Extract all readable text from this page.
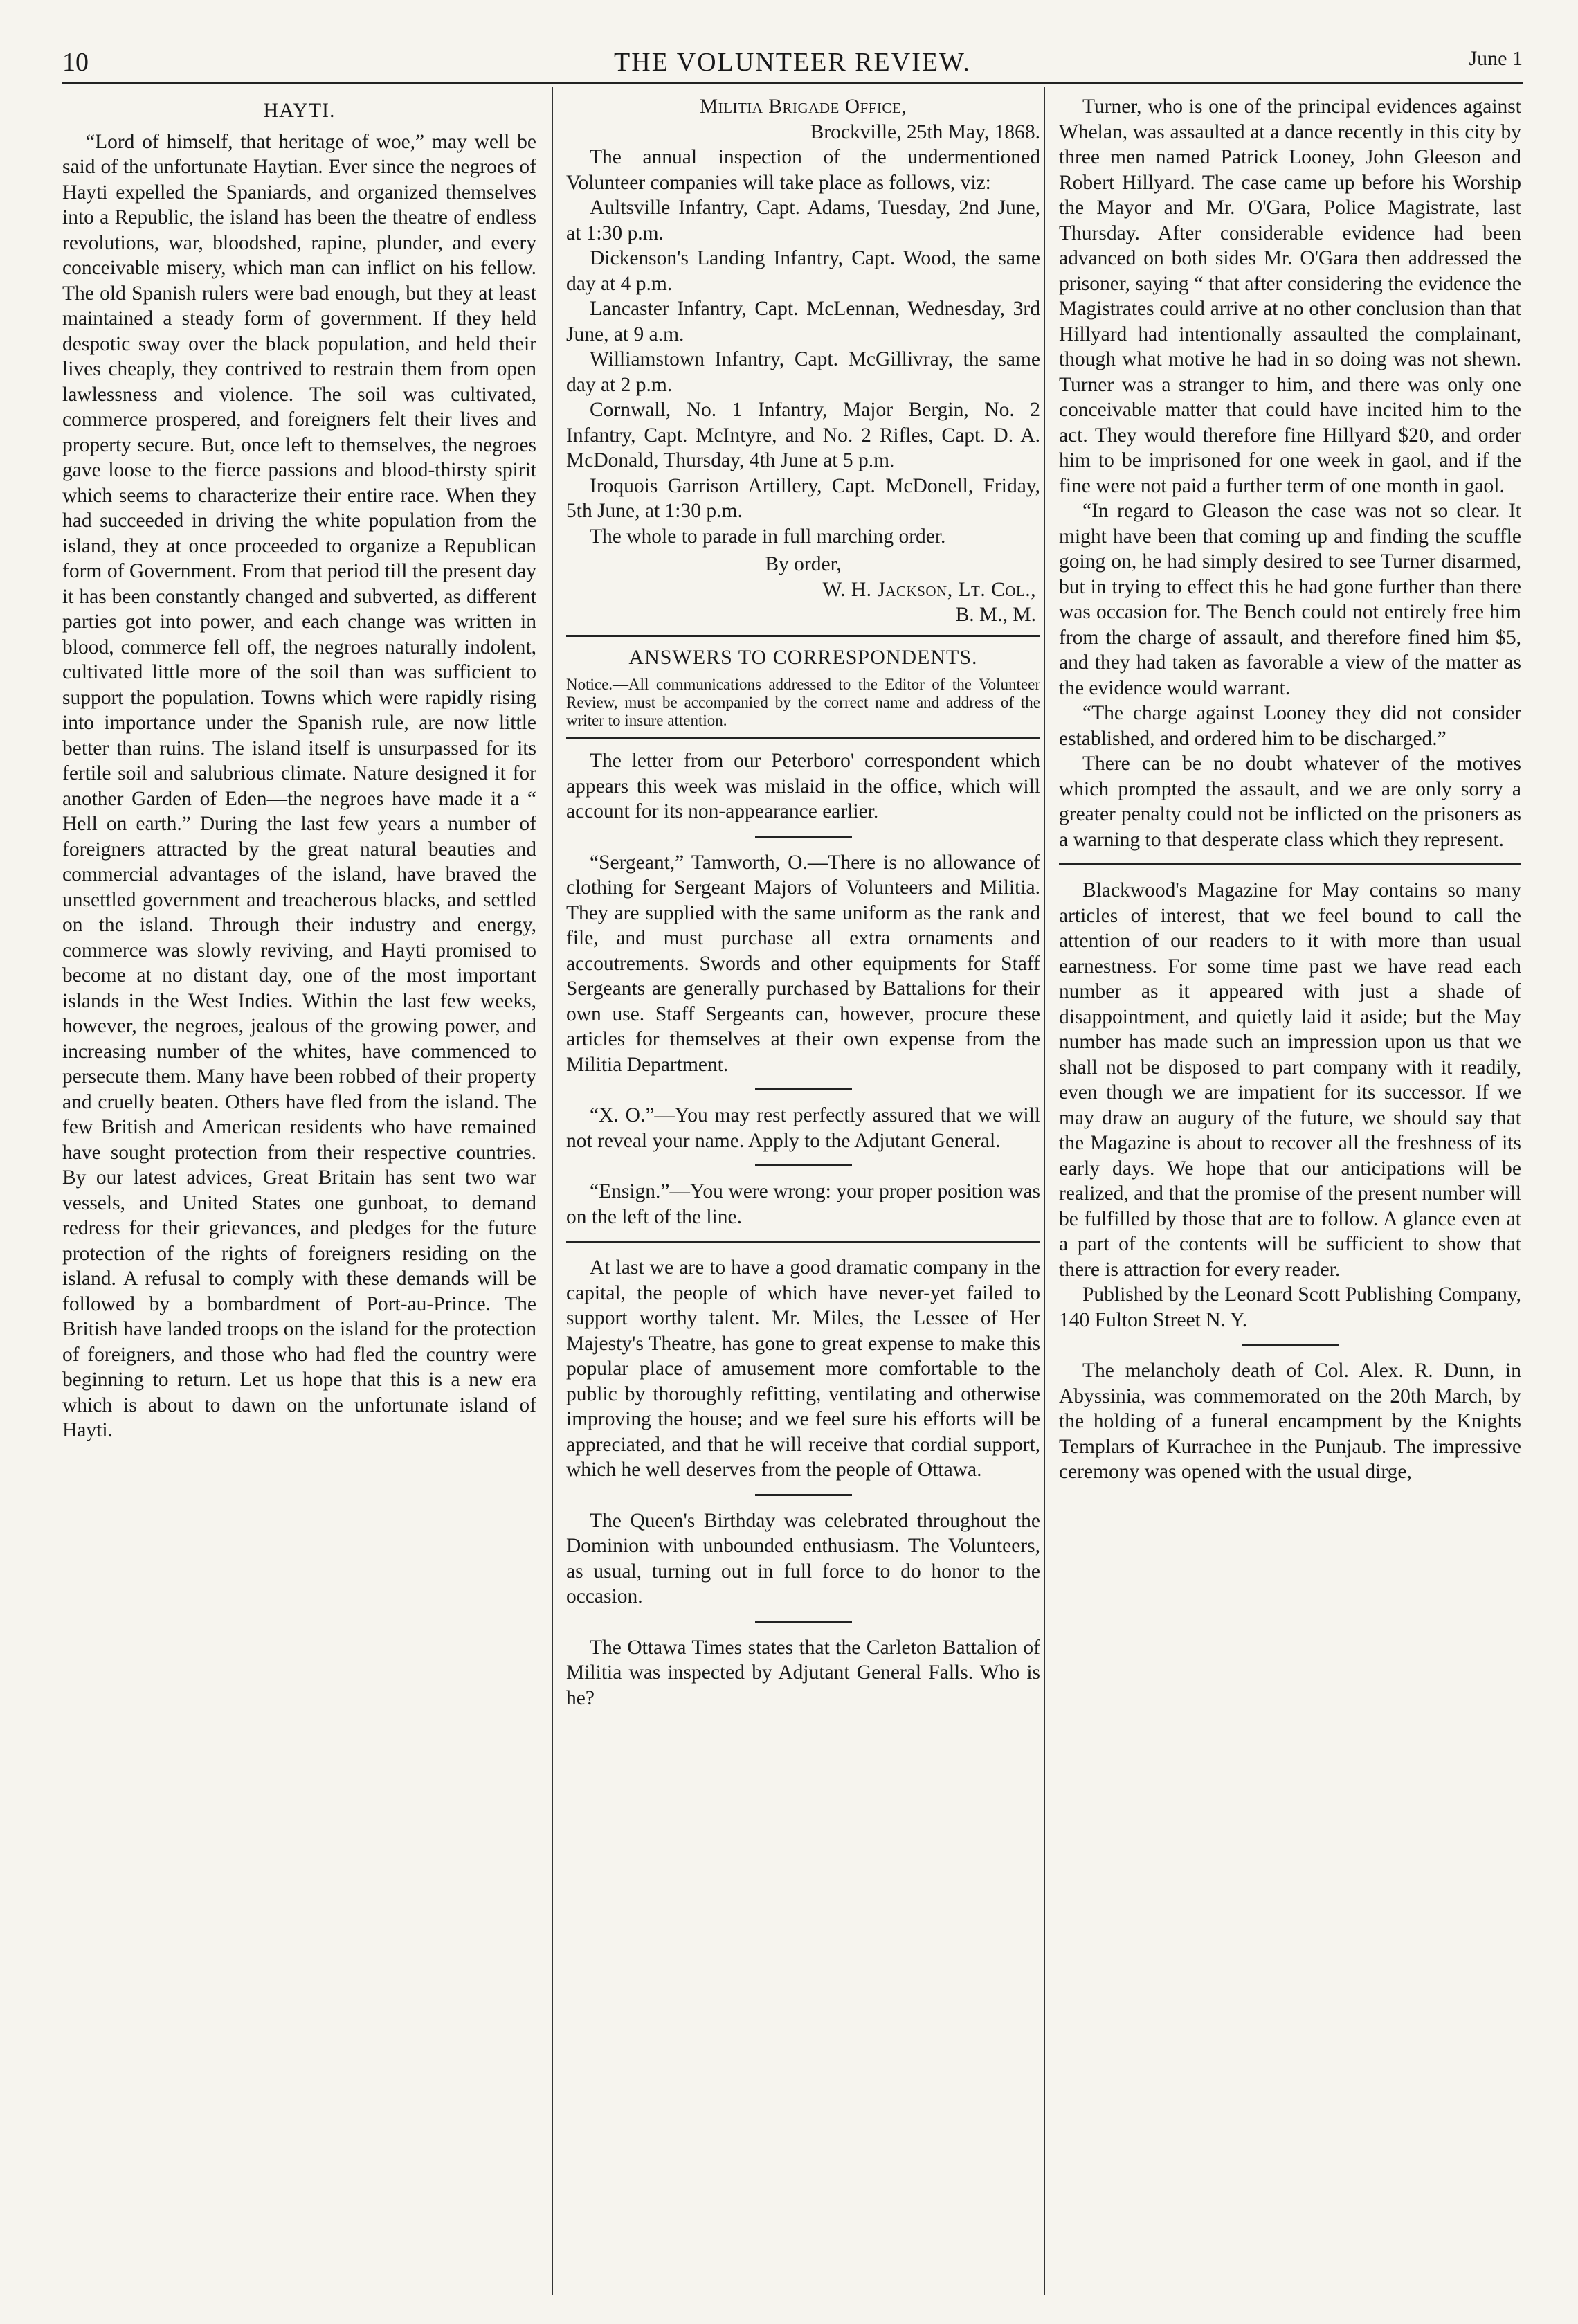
10	THE VOLUNTEER REVIEW.	June 1
HAYTI.

“Lord of himself, that heritage of woe,” may well be said of the unfortunate Haytian. Ever since the negroes of Hayti expelled the Spaniards, and organized themselves into a Republic, the island has been the theatre of endless revolutions, war, bloodshed, rapine, plunder, and every conceivable misery, which man can inflict on his fellow. The old Spanish rulers were bad enough, but they at least maintained a steady form of government. If they held despotic sway over the black population, and held their lives cheaply, they contrived to restrain them from open lawlessness and violence. The soil was cultivated, commerce prospered, and foreigners felt their lives and property secure. But, once left to themselves, the negroes gave loose to the fierce passions and blood-thirsty spirit which seems to characterize their entire race. When they had succeeded in driving the white population from the island, they at once proceeded to organize a Republican form of Government. From that period till the present day it has been constantly changed and subverted, as different parties got into power, and each change was written in blood, commerce fell off, the negroes naturally indolent, cultivated little more of the soil than was sufficient to support the population. Towns which were rapidly rising into importance under the Spanish rule, are now little better than ruins. The island itself is unsurpassed for its fertile soil and salubrious climate. Nature designed it for another Garden of Eden—the negroes have made it a “ Hell on earth.” During the last few years a number of foreigners attracted by the great natural beauties and commercial advantages of the island, have braved the unsettled government and treacherous blacks, and settled on the island. Through their industry and energy, commerce was slowly reviving, and Hayti promised to become at no distant day, one of the most important islands in the West Indies. Within the last few weeks, however, the negroes, jealous of the growing power, and increasing number of the whites, have commenced to persecute them. Many have been robbed of their property and cruelly beaten. Others have fled from the island. The few British and American residents who have remained have sought protection from their respective countries. By our latest advices, Great Britain has sent two war vessels, and United States one gunboat, to demand redress for their grievances, and pledges for the future protection of the rights of foreigners residing on the island. A refusal to comply with these demands will be followed by a bombardment of Port-au-Prince. The British have landed troops on the island for the protection of foreigners, and those who had fled the country were beginning to return. Let us hope that this is a new era which is about to dawn on the unfortunate island of Hayti.

Militia Brigade Office,
Brockville, 25th May, 1868.

The annual inspection of the undermentioned Volunteer companies will take place as follows, viz:

Aultsville Infantry, Capt. Adams, Tuesday, 2nd June, at 1:30 p.m.

Dickenson's Landing Infantry, Capt. Wood, the same day at 4 p.m.

Lancaster Infantry, Capt. McLennan, Wednesday, 3rd June, at 9 a.m.

Williamstown Infantry, Capt. McGillivray, the same day at 2 p.m.

Cornwall, No. 1 Infantry, Major Bergin, No. 2 Infantry, Capt. McIntyre, and No. 2 Rifles, Capt. D. A. McDonald, Thursday, 4th June at 5 p.m.

Iroquois Garrison Artillery, Capt. McDonell, Friday, 5th June, at 1:30 p.m.

The whole to parade in full marching order.

By order,
W. H. Jackson, Lt. Col.,
B. M., M.
ANSWERS TO CORRESPONDENTS.
Notice.—All communications addressed to the Editor of the Volunteer Review, must be accompanied by the correct name and address of the writer to insure attention.

The letter from our Peterboro' correspondent which appears this week was mislaid in the office, which will account for its non-appearance earlier.

“Sergeant,” Tamworth, O.—There is no allowance of clothing for Sergeant Majors of Volunteers and Militia. They are supplied with the same uniform as the rank and file, and must purchase all extra ornaments and accoutrements. Swords and other equipments for Staff Sergeants are generally purchased by Battalions for their own use. Staff Sergeants can, however, procure these articles for themselves at their own expense from the Militia Department.

“X. O.”—You may rest perfectly assured that we will not reveal your name. Apply to the Adjutant General.

“Ensign.”—You were wrong: your proper position was on the left of the line.

At last we are to have a good dramatic company in the capital, the people of which have never-yet failed to support worthy talent. Mr. Miles, the Lessee of Her Majesty's Theatre, has gone to great expense to make this popular place of amusement more comfortable to the public by thoroughly refitting, ventilating and otherwise improving the house; and we feel sure his efforts will be appreciated, and that he will receive that cordial support, which he well deserves from the people of Ottawa.

The Queen's Birthday was celebrated throughout the Dominion with unbounded enthusiasm. The Volunteers, as usual, turning out in full force to do honor to the occasion.

The Ottawa Times states that the Carleton Battalion of Militia was inspected by Adjutant General Falls. Who is he?

Turner, who is one of the principal evidences against Whelan, was assaulted at a dance recently in this city by three men named Patrick Looney, John Gleeson and Robert Hillyard. The case came up before his Worship the Mayor and Mr. O'Gara, Police Magistrate, last Thursday. After considerable evidence had been advanced on both sides Mr. O'Gara then addressed the prisoner, saying “ that after considering the evidence the Magistrates could arrive at no other conclusion than that Hillyard had intentionally assaulted the complainant, though what motive he had in so doing was not shewn. Turner was a stranger to him, and there was only one conceivable matter that could have incited him to the act. They would therefore fine Hillyard $20, and order him to be imprisoned for one week in gaol, and if the fine were not paid a further term of one month in gaol.

“In regard to Gleason the case was not so clear. It might have been that coming up and finding the scuffle going on, he had simply desired to see Turner disarmed, but in trying to effect this he had gone further than there was occasion for. The Bench could not entirely free him from the charge of assault, and therefore fined him $5, and they had taken as favorable a view of the matter as the evidence would warrant.

“The charge against Looney they did not consider established, and ordered him to be discharged.”

There can be no doubt whatever of the motives which prompted the assault, and we are only sorry a greater penalty could not be inflicted on the prisoners as a warning to that desperate class which they represent.

Blackwood's Magazine for May contains so many articles of interest, that we feel bound to call the attention of our readers to it with more than usual earnestness. For some time past we have read each number as it appeared with just a shade of disappointment, and quietly laid it aside; but the May number has made such an impression upon us that we shall not be disposed to part company with it readily, even though we are impatient for its successor. If we may draw an augury of the future, we should say that the Magazine is about to recover all the freshness of its early days. We hope that our anticipations will be realized, and that the promise of the present number will be fulfilled by those that are to follow. A glance even at a part of the contents will be sufficient to show that there is attraction for every reader.

Published by the Leonard Scott Publishing Company, 140 Fulton Street N. Y.

The melancholy death of Col. Alex. R. Dunn, in Abyssinia, was commemorated on the 20th March, by the holding of a funeral encampment by the Knights Templars of Kurrachee in the Punjaub. The impressive ceremony was opened with the usual dirge,
